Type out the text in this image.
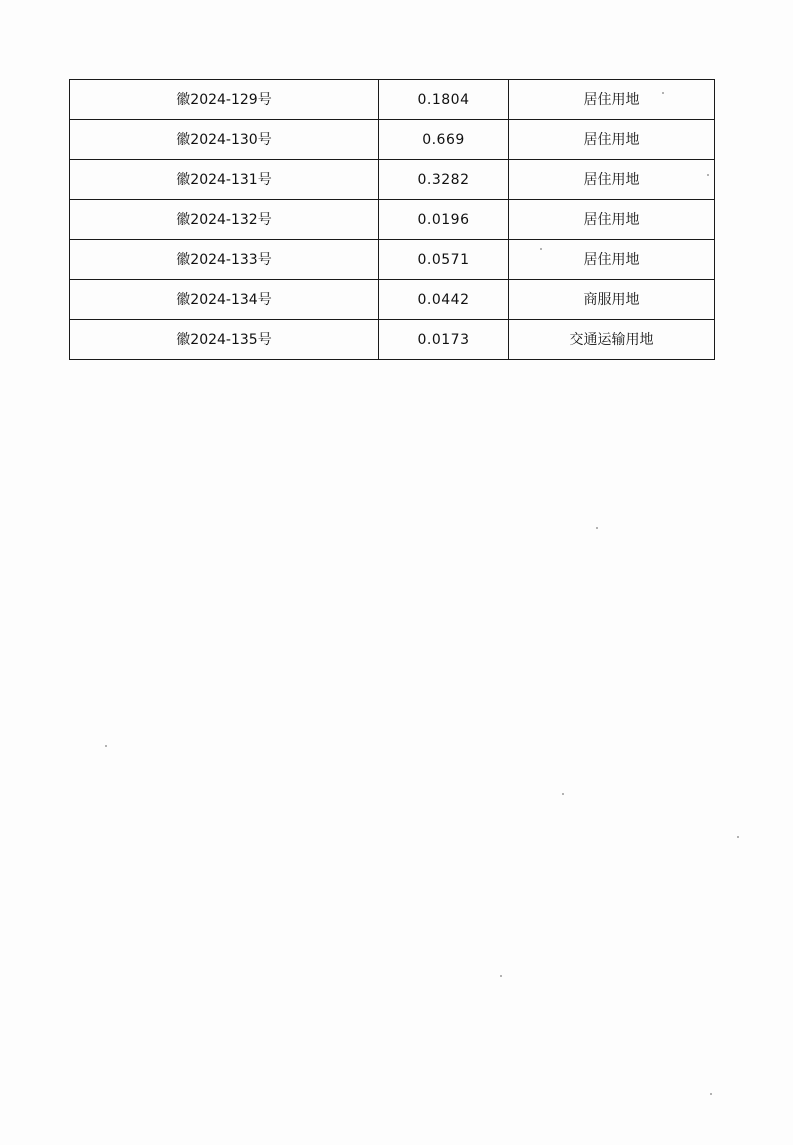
徽2024-129号	0.1804	居住用地
徽2024-130号	0.669	居住用地
徽2024-131号	0.3282	居住用地
徽2024-132号	0.0196	居住用地
徽2024-133号	0.0571	居住用地
徽2024-134号	0.0442	商服用地
徽2024-135号	0.0173	交通运输用地
